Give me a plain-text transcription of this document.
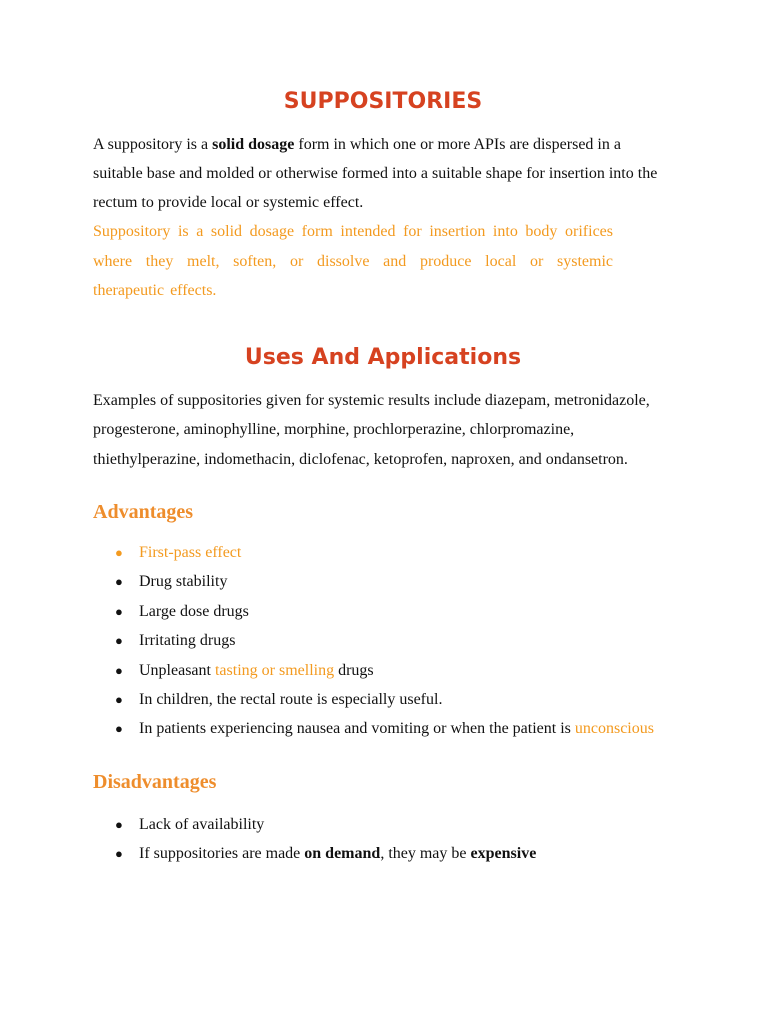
SUPPOSITORIES

A suppository is a solid dosage form in which one or more APIs are dispersed in a suitable base and molded or otherwise formed into a suitable shape for insertion into the rectum to provide local or systemic effect.

Suppository is a solid dosage form intended for insertion into body orifices where they melt, soften, or dissolve and produce local or systemic therapeutic effects.

Uses And Applications

Examples of suppositories given for systemic results include diazepam, metronidazole, progesterone, aminophylline, morphine, prochlorperazine, chlorpromazine, thiethylperazine, indomethacin, diclofenac, ketoprofen, naproxen, and ondansetron.

Advantages
● First-pass effect
● Drug stability
● Large dose drugs
● Irritating drugs
● Unpleasant tasting or smelling drugs
● In children, the rectal route is especially useful.
● In patients experiencing nausea and vomiting or when the patient is unconscious
Disadvantages
● Lack of availability
● If suppositories are made on demand, they may be expensive
